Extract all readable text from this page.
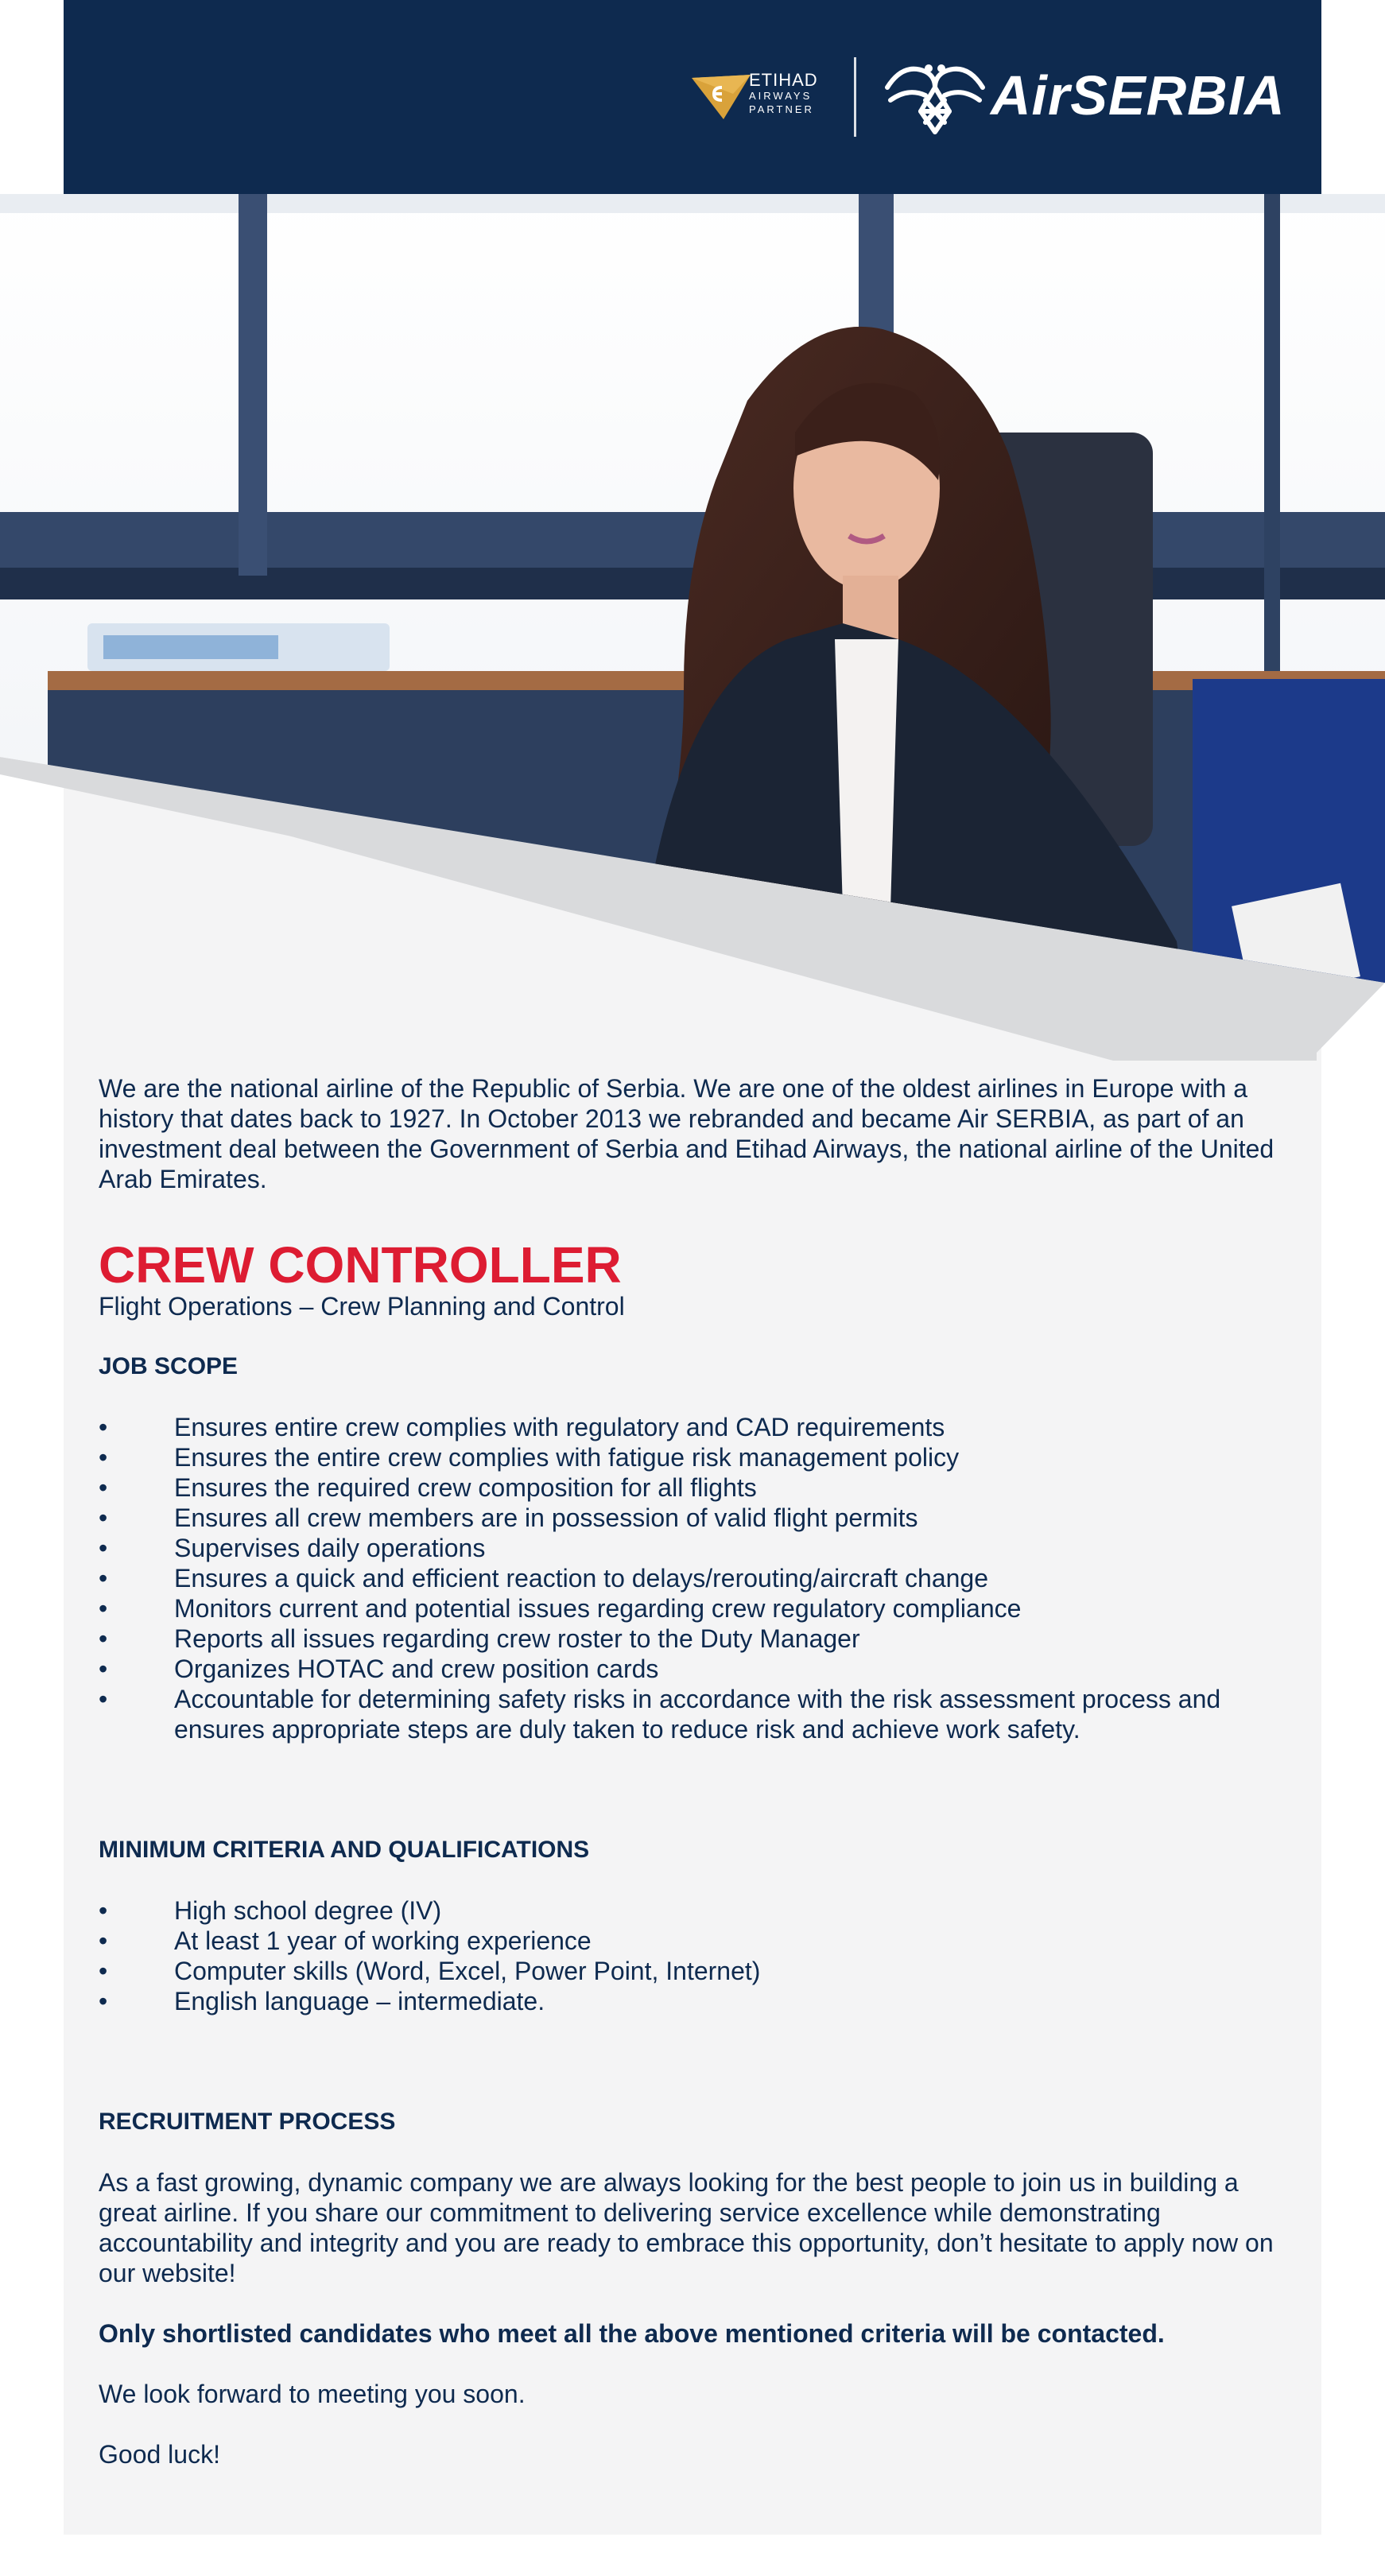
ETIHAD
AIRWAYS
PARTNER	AirSERBIA

We are the national airline of the Republic of Serbia. We are one of the oldest airlines in Europe with a history that dates back to 1927. In October 2013 we rebranded and became Air SERBIA, as part of an investment deal between the Government of Serbia and Etihad Airways, the national airline of the United Arab Emirates.

CREW CONTROLLER

Flight Operations – Crew Planning and Control

JOB SCOPE
•	Ensures entire crew complies with regulatory and CAD requirements
•	Ensures the entire crew complies with fatigue risk management policy
•	Ensures the required crew composition for all flights
•	Ensures all crew members are in possession of valid flight permits
•	Supervises daily operations
•	Ensures a quick and efficient reaction to delays/rerouting/aircraft change
•	Monitors current and potential issues regarding crew regulatory compliance
•	Reports all issues regarding crew roster to the Duty Manager
•	Organizes HOTAC and crew position cards
•	Accountable for determining safety risks in accordance with the risk assessment process and ensures appropriate steps are duly taken to reduce risk and achieve work safety.
MINIMUM CRITERIA AND QUALIFICATIONS
•	High school degree (IV)
•	At least 1 year of working experience
•	Computer skills (Word, Excel, Power Point, Internet)
•	English language – intermediate.
RECRUITMENT PROCESS

As a fast growing, dynamic company we are always looking for the best people to join us in building a great airline. If you share our commitment to delivering service excellence while demonstrating accountability and integrity and you are ready to embrace this opportunity, don’t hesitate to apply now on our website!

Only shortlisted candidates who meet all the above mentioned criteria will be contacted.

We look forward to meeting you soon.

Good luck!
